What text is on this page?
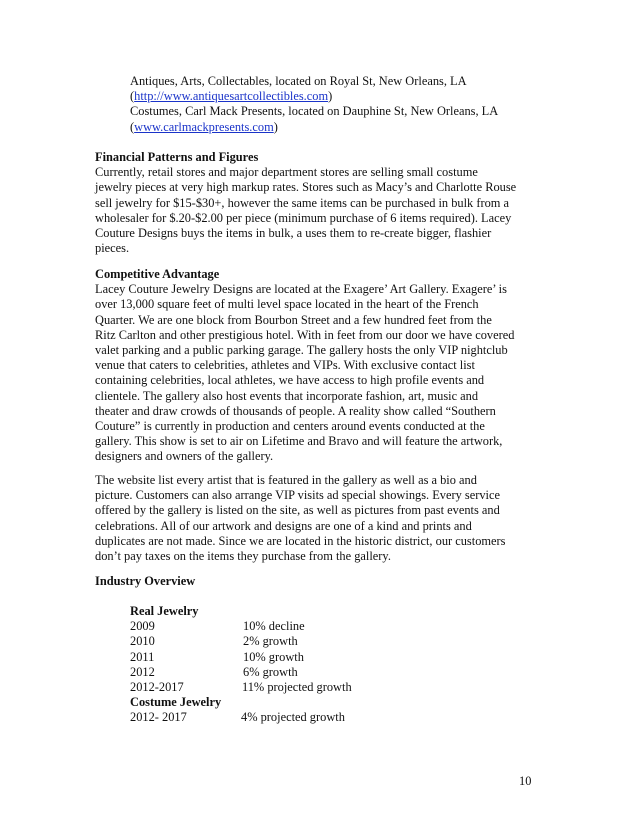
Antiques, Arts, Collectables, located on Royal St, New Orleans, LA
(http://www.antiquesartcollectibles.com)
Costumes, Carl Mack Presents, located on Dauphine St, New Orleans, LA
(www.carlmackpresents.com)
Financial Patterns and Figures
Currently, retail stores and major department stores are selling small costume
jewelry pieces at very high markup rates. Stores such as Macy’s and Charlotte Rouse
sell jewelry for $15-$30+, however the same items can be purchased in bulk from a
wholesaler for $.20-$2.00 per piece (minimum purchase of 6 items required). Lacey
Couture Designs buys the items in bulk, a uses them to re-create bigger, flashier
pieces.
Competitive Advantage
Lacey Couture Jewelry Designs are located at the Exagere’ Art Gallery. Exagere’ is
over 13,000 square feet of multi level space located in the heart of the French
Quarter. We are one block from Bourbon Street and a few hundred feet from the
Ritz Carlton and other prestigious hotel. With in feet from our door we have covered
valet parking and a public parking garage. The gallery hosts the only VIP nightclub
venue that caters to celebrities, athletes and VIPs. With exclusive contact list
containing celebrities, local athletes, we have access to high profile events and
clientele. The gallery also host events that incorporate fashion, art, music and
theater and draw crowds of thousands of people. A reality show called “Southern
Couture” is currently in production and centers around events conducted at the
gallery. This show is set to air on Lifetime and Bravo and will feature the artwork,
designers and owners of the gallery.
The website list every artist that is featured in the gallery as well as a bio and
picture. Customers can also arrange VIP visits ad special showings. Every service
offered by the gallery is listed on the site, as well as pictures from past events and
celebrations. All of our artwork and designs are one of a kind and prints and
duplicates are not made. Since we are located in the historic district, our customers
don’t pay taxes on the items they purchase from the gallery.
Industry Overview
Real Jewelry
2009	10% decline
2010	2% growth
2011	10% growth
2012	6% growth
2012-2017	11% projected growth
Costume Jewelry
2012- 2017	4% projected growth
10
